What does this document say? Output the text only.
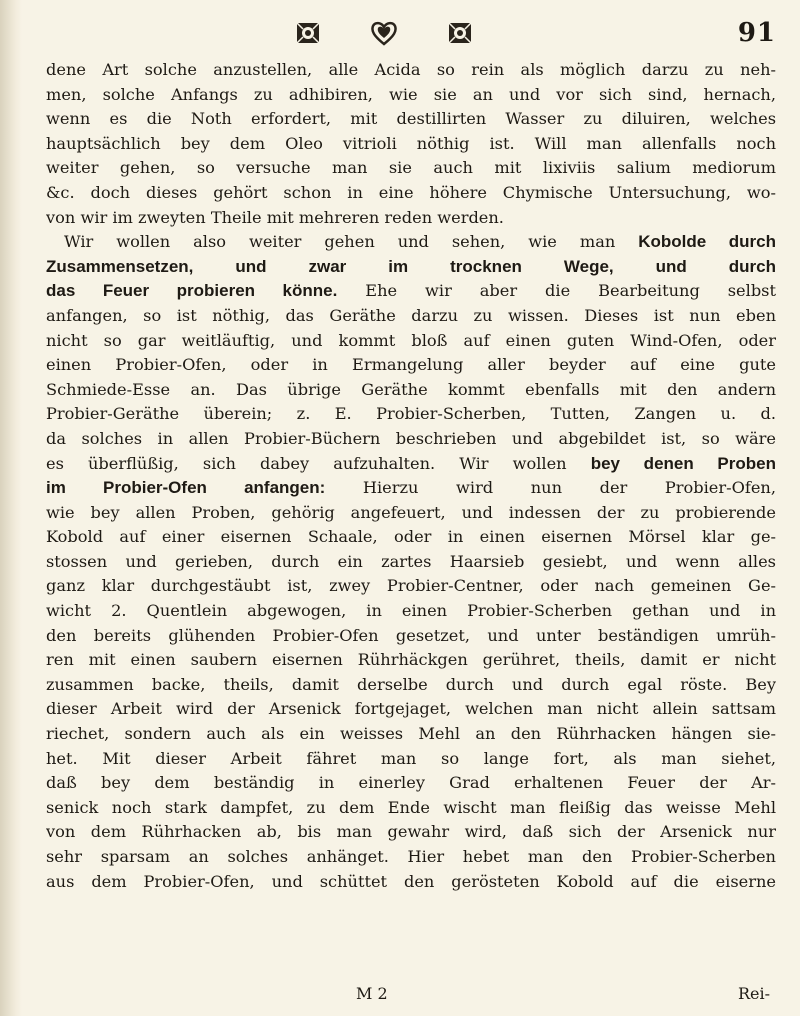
91
dene Art solche anzustellen, alle Acida so rein als möglich darzu zu neh-
men, solche Anfangs zu adhibiren, wie sie an und vor sich sind, hernach,
wenn es die Noth erfordert, mit destillirten Wasser zu diluiren, welches
hauptsächlich bey dem Oleo vitrioli nöthig ist. Will man allenfalls noch
weiter gehen, so versuche man sie auch mit lixiviis salium mediorum
&c. doch dieses gehört schon in eine höhere Chymische Untersuchung, wo-
von wir im zweyten Theile mit mehreren reden werden.
Wir wollen also weiter gehen und sehen, wie man Kobolde durch
Zusammensetzen, und zwar im trocknen Wege, und durch
das Feuer probieren könne. Ehe wir aber die Bearbeitung selbst
anfangen, so ist nöthig, das Geräthe darzu zu wissen. Dieses ist nun eben
nicht so gar weitläuftig, und kommt bloß auf einen guten Wind-Ofen, oder
einen Probier-Ofen, oder in Ermangelung aller beyder auf eine gute
Schmiede-Esse an. Das übrige Geräthe kommt ebenfalls mit den andern
Probier-Geräthe überein; z. E. Probier-Scherben, Tutten, Zangen u. d.
da solches in allen Probier-Büchern beschrieben und abgebildet ist, so wäre
es überflüßig, sich dabey aufzuhalten. Wir wollen bey denen Proben
im Probier-Ofen anfangen: Hierzu wird nun der Probier-Ofen,
wie bey allen Proben, gehörig angefeuert, und indessen der zu probierende
Kobold auf einer eisernen Schaale, oder in einen eisernen Mörsel klar ge-
stossen und gerieben, durch ein zartes Haarsieb gesiebt, und wenn alles
ganz klar durchgestäubt ist, zwey Probier-Centner, oder nach gemeinen Ge-
wicht 2. Quentlein abgewogen, in einen Probier-Scherben gethan und in
den bereits glühenden Probier-Ofen gesetzet, und unter beständigen umrüh-
ren mit einen saubern eisernen Rührhäckgen gerühret, theils, damit er nicht
zusammen backe, theils, damit derselbe durch und durch egal röste. Bey
dieser Arbeit wird der Arsenick fortgejaget, welchen man nicht allein sattsam
riechet, sondern auch als ein weisses Mehl an den Rührhacken hängen sie-
het. Mit dieser Arbeit fähret man so lange fort, als man siehet,
daß bey dem beständig in einerley Grad erhaltenen Feuer der Ar-
senick noch stark dampfet, zu dem Ende wischt man fleißig das weisse Mehl
von dem Rührhacken ab, bis man gewahr wird, daß sich der Arsenick nur
sehr sparsam an solches anhänget. Hier hebet man den Probier-Scherben
aus dem Probier-Ofen, und schüttet den gerösteten Kobold auf die eiserne
M 2	Rei-
